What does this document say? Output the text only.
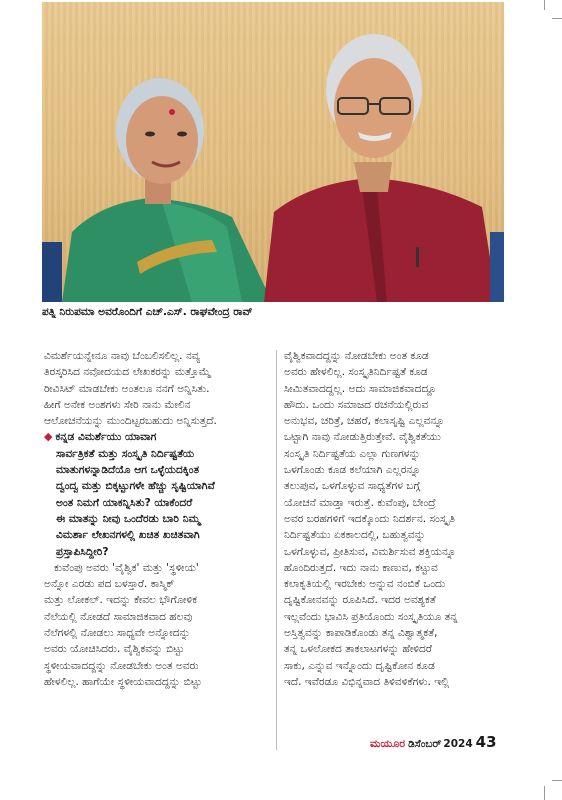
ಪತ್ನಿ ನಿರುಪಮಾ ಅವರೊಂದಿಗೆ ಎಚ್.ಎಸ್. ರಾಘವೇಂದ್ರ ರಾವ್
ವಿಮರ್ಶೆಯನ್ನೇನೂ ನಾವು ಬೆಂಬಲಿಸಲಿಲ್ಲ. ನವ್ಯ
ತಿರಸ್ಕರಿಸಿದ ನವೋದಯದ ಲೇಖಕರನ್ನು ಮತ್ತೊಮ್ಮೆ
ರೀವಿಸಿಟ್ ಮಾಡಬೇಕು ಅಂತಲೂ ನನಗೆ ಅನ್ನಿಸಿತು.
ಹೀಗೆ ಅನೇಕ ಅಂಶಗಳು ಸೇರಿ ನಾನು ಮೇಲಿನ
ಆಲೋಚನೆಯನ್ನು ಮುಂದಿಟ್ಟರಬಹುದು ಅನ್ನಿಸುತ್ತದೆ.
◆ ಕನ್ನಡ ವಿಮರ್ಶೆಯು ಯಾವಾಗ
ಸಾರ್ವತ್ರಿಕತೆ ಮತ್ತು ಸಂಸ್ಕೃತಿ ನಿರ್ದಿಷ್ಟತೆಯ
ಮಾತುಗಳನ್ನಾಡಿದೆಯೊ ಆಗ ಒಳ್ಳೆಯದಕ್ಕಿಂತ
ದ್ವಂದ್ವ ಮತ್ತು ಬಿಕ್ಕಟ್ಟುಗಳೇ ಹೆಚ್ಚು ಸೃಷ್ಟಿಯಾಗಿವೆ
ಅಂತ ನಿಮಗೆ ಯಾಕನ್ನಿಸಿತು? ಯಾಕೆಂದರೆ
ಈ ಮಾತನ್ನು ನೀವು ಒಂದೆರಡು ಬಾರಿ ನಿಮ್ಮ
ವಿಮರ್ಶಾ ಲೇಖನಗಳಲ್ಲಿ ಖಚಿತ ಖಚಿತವಾಗಿ
ಪ್ರಸ್ತಾಪಿಸಿದ್ದೀರಿ?
ಕುವೆಂಪು ಅವರು 'ವೈಶ್ವಿಕ' ಮತ್ತು 'ಸ್ಥಳೀಯ'
ಅನ್ನೋ ಎರಡು ಪದ ಬಳಸ್ತಾರೆ. ಕಾಸ್ಮಿಕ್
ಮತ್ತು ಲೋಕಲ್. ಇದನ್ನು ಕೇವಲ ಭೌಗೋಳಿಕ
ನೆಲೆಯಲ್ಲಿ ನೋಡದೆ ಸಾಮಾಜಿಕವಾದ ಹಲವು
ನೆಲೆಗಳಲ್ಲಿ ನೋಡಲು ಸಾಧ್ಯವೇ ಅನ್ನೋದನ್ನು
ಅವರು ಯೋಚಿಸಿದರು. ವೈಶ್ವಿಕವನ್ನು ಬಿಟ್ಟು
ಸ್ಥಳೀಯವಾದದ್ದನ್ನು ನೋಡಬೇಕು ಅಂತ ಅವರು
ಹೇಳಲಿಲ್ಲ. ಹಾಗೆಯೇ ಸ್ಥಳೀಯವಾದದ್ದನ್ನು ಬಿಟ್ಟು
ವೈಶ್ವಿಕವಾದದ್ದನ್ನು ನೋಡಬೇಕು ಅಂತ ಕೂಡ
ಅವರು ಹೇಳಲಿಲ್ಲ. ಸಂಸ್ಕೃತಿನಿರ್ದಿಷ್ಟತೆ ಕೂಡ
ಸೀಮಿತವಾದದ್ದಲ್ಲ. ಅದು ಸಾಮಾಜಿಕವಾದದ್ದೂ
ಹೌದು. ಒಂದು ಸಮಾಜದ ರಚನೆಯಲ್ಲಿರುವ
ಅನುಭವ, ಚರಿತ್ರೆ, ಚಹರೆ, ಕಲಾಸೃಷ್ಟಿ ಎಲ್ಲವನ್ನೂ
ಒಟ್ಟಾಗಿ ನಾವು ನೋಡುತ್ತಿರುತ್ತೇವೆ. ವೈಶ್ವಿಕತೆಯು
ಸಂಸ್ಕೃತಿ ನಿರ್ದಿಷ್ಟತೆಯ ಎಲ್ಲಾ ಗುಣಗಳನ್ನು
ಒಳಗೊಂಡು ಕೂಡ ಕಲೆಯಾಗಿ ಎಲ್ಲರನ್ನೂ
ತಲುಪುವ, ಒಳಗೊಳ್ಳುವ ಸಾಧ್ಯತೆಗಳ ಬಗ್ಗೆ
ಯೋಚನೆ ಮಾಡ್ತಾ ಇರುತ್ತೆ. ಕುವೆಂಪು, ಬೇಂದ್ರೆ
ಅವರ ಬರಹಗಳಿಗೆ ಇದಕ್ಕೊಂದು ನಿದರ್ಶನ. ಸಂಸ್ಕೃತಿ
ನಿರ್ದಿಷ್ಟತೆಯು ಏಕಕಾಲದಲ್ಲಿ, ಬಹುತ್ವವನ್ನು
ಒಳಗೊಳ್ಳುವ, ಪ್ರೀತಿಸುವ, ವಿಮರ್ಶಿಸುವ ಶಕ್ತಿಯನ್ನೂ
ಹೊಂದಿರುತ್ತದೆ. ಇದು ನಾನು ಕಾಣುವ, ಕಟ್ಟುವ
ಕಲಾಕೃತಿಯಲ್ಲಿ ಇರಬೇಕು ಅನ್ನುವ ನಂಬಿಕೆ ಒಂದು
ದೃಷ್ಟಿಕೋನವನ್ನು ರೂಪಿಸಿದೆ. ಇದರ ಅವಶ್ಯಕತೆ
ಇಲ್ಲವೆಂದು ಭಾವಿಸಿ ಪ್ರತಿಯೊಂದು ಸಂಸ್ಕೃತಿಯೂ ತನ್ನ
ಅಸ್ತಿತ್ವವನ್ನು ಕಾಪಾಡಿಕೊಂಡು ತನ್ನ ವಿಶ್ವಾತ್ಮಕತೆ,
ತನ್ನ ಒಳಲೋಕದ ತಾಕಲಾಟಗಳನ್ನು ಹೇಳಿದರೆ
ಸಾಕು, ಎನ್ನುವ ಇನ್ನೊಂದು ದೃಷ್ಟಿಕೋನ ಕೂಡ
ಇದೆ. ಇವೆರಡೂ ವಿಭಿನ್ನವಾದ ತಿಳಿವಳಿಕೆಗಳು. ಇಲ್ಲಿ
ಮಯೂರ ಡಿಸೆಂಬರ್ 2024 43
